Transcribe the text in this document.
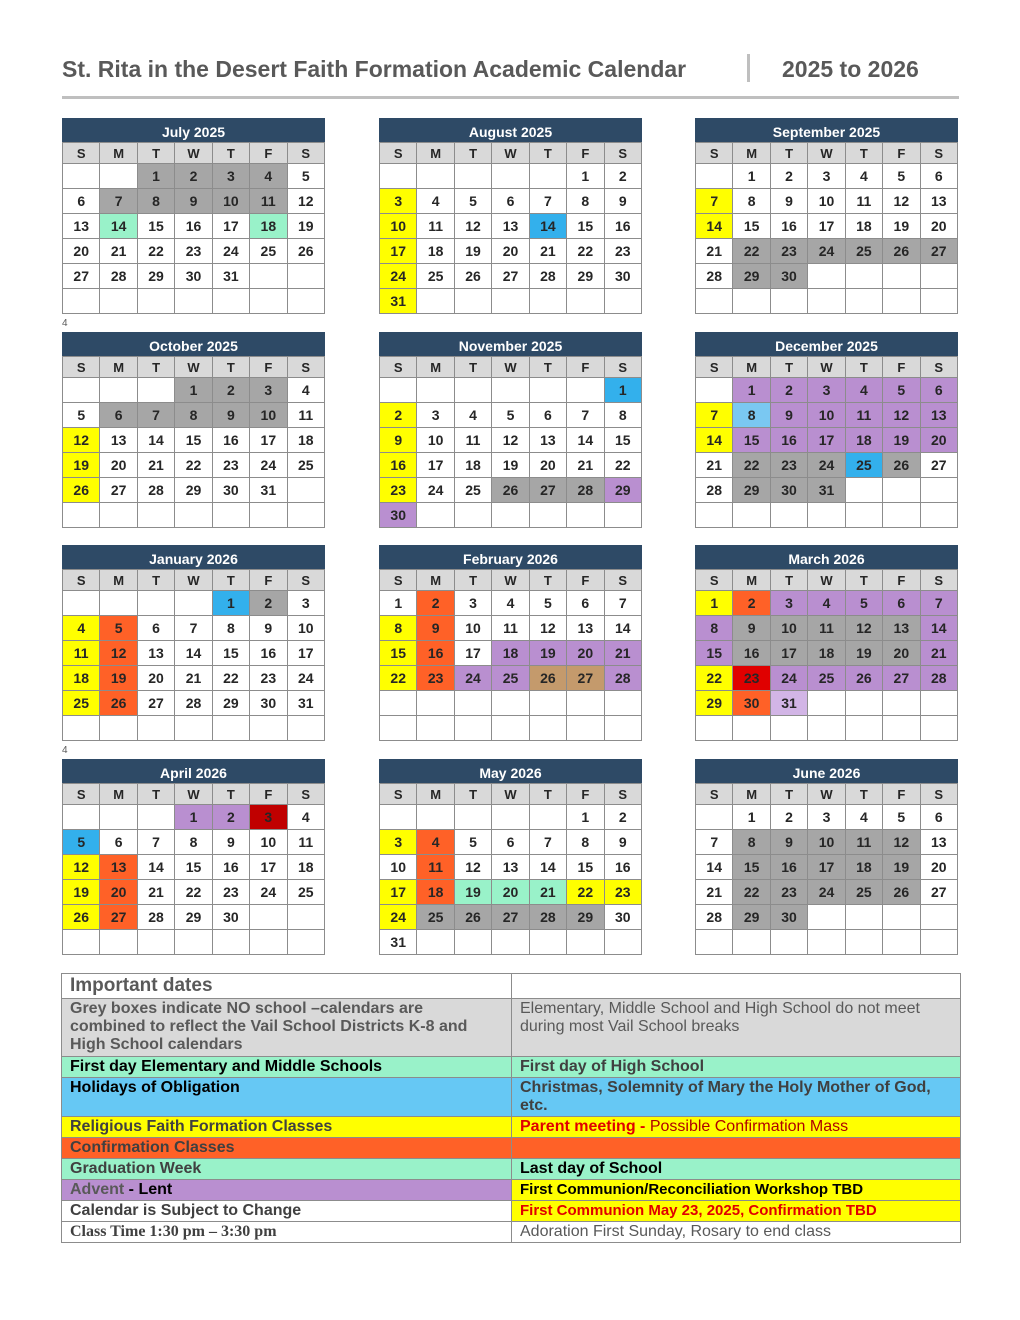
St. Rita in the Desert Faith Formation Academic Calendar	2025 to 2026
4
4
July 2025
S	M	T	W	T	F	S
		1	2	3	4	5
6	7	8	9	10	11	12
13	14	15	16	17	18	19
20	21	22	23	24	25	26
27	28	29	30	31		

August 2025
S	M	T	W	T	F	S
					1	2
3	4	5	6	7	8	9
10	11	12	13	14	15	16
17	18	19	20	21	22	23
24	25	26	27	28	29	30
31						
September 2025
S	M	T	W	T	F	S
	1	2	3	4	5	6
7	8	9	10	11	12	13
14	15	16	17	18	19	20
21	22	23	24	25	26	27
28	29	30				

October 2025
S	M	T	W	T	F	S
			1	2	3	4
5	6	7	8	9	10	11
12	13	14	15	16	17	18
19	20	21	22	23	24	25
26	27	28	29	30	31	

November 2025
S	M	T	W	T	F	S
						1
2	3	4	5	6	7	8
9	10	11	12	13	14	15
16	17	18	19	20	21	22
23	24	25	26	27	28	29
30						
December 2025
S	M	T	W	T	F	S
	1	2	3	4	5	6
7	8	9	10	11	12	13
14	15	16	17	18	19	20
21	22	23	24	25	26	27
28	29	30	31			

January 2026
S	M	T	W	T	F	S
				1	2	3
4	5	6	7	8	9	10
11	12	13	14	15	16	17
18	19	20	21	22	23	24
25	26	27	28	29	30	31

February 2026
S	M	T	W	T	F	S
1	2	3	4	5	6	7
8	9	10	11	12	13	14
15	16	17	18	19	20	21
22	23	24	25	26	27	28

March 2026
S	M	T	W	T	F	S
1	2	3	4	5	6	7
8	9	10	11	12	13	14
15	16	17	18	19	20	21
22	23	24	25	26	27	28
29	30	31				

April 2026
S	M	T	W	T	F	S
			1	2	3	4
5	6	7	8	9	10	11
12	13	14	15	16	17	18
19	20	21	22	23	24	25
26	27	28	29	30		

May 2026
S	M	T	W	T	F	S
					1	2
3	4	5	6	7	8	9
10	11	12	13	14	15	16
17	18	19	20	21	22	23
24	25	26	27	28	29	30
31						
June 2026
S	M	T	W	T	F	S
	1	2	3	4	5	6
7	8	9	10	11	12	13
14	15	16	17	18	19	20
21	22	23	24	25	26	27
28	29	30				

Important dates	
Grey boxes indicate NO school –calendars are combined to reflect the Vail School Districts K-8 and High School calendars	Elementary, Middle School and High School do not meet during most Vail School breaks
First day Elementary and Middle Schools	First day of High School
Holidays of Obligation	Christmas, Solemnity of Mary the Holy Mother of God, etc.
Religious Faith Formation Classes	Parent meeting - Possible Confirmation Mass
Confirmation Classes	
Graduation Week	Last day of School
Advent - Lent	First Communion/Reconciliation Workshop TBD
Calendar is Subject to Change	First Communion May 23, 2025, Confirmation TBD
Class Time 1:30 pm – 3:30 pm	Adoration First Sunday, Rosary to end class
